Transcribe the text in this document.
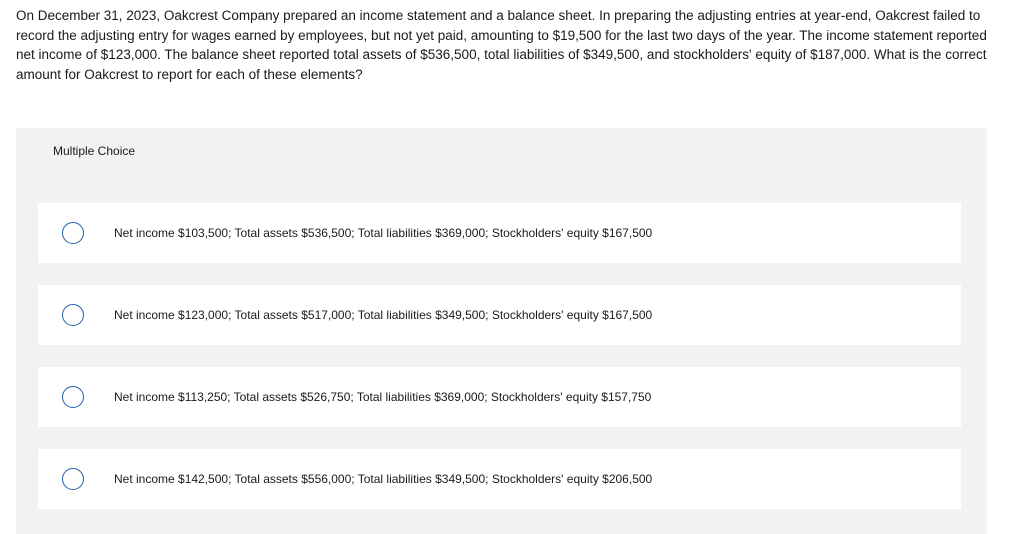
On December 31, 2023, Oakcrest Company prepared an income statement and a balance sheet. In preparing the adjusting entries at year-end, Oakcrest failed to record the adjusting entry for wages earned by employees, but not yet paid, amounting to $19,500 for the last two days of the year. The income statement reported net income of $123,000. The balance sheet reported total assets of $536,500, total liabilities of $349,500, and stockholders' equity of $187,000. What is the correct amount for Oakcrest to report for each of these elements?
Multiple Choice
Net income $103,500; Total assets $536,500; Total liabilities $369,000; Stockholders' equity $167,500
Net income $123,000; Total assets $517,000; Total liabilities $349,500; Stockholders' equity $167,500
Net income $113,250; Total assets $526,750; Total liabilities $369,000; Stockholders' equity $157,750
Net income $142,500; Total assets $556,000; Total liabilities $349,500; Stockholders' equity $206,500
